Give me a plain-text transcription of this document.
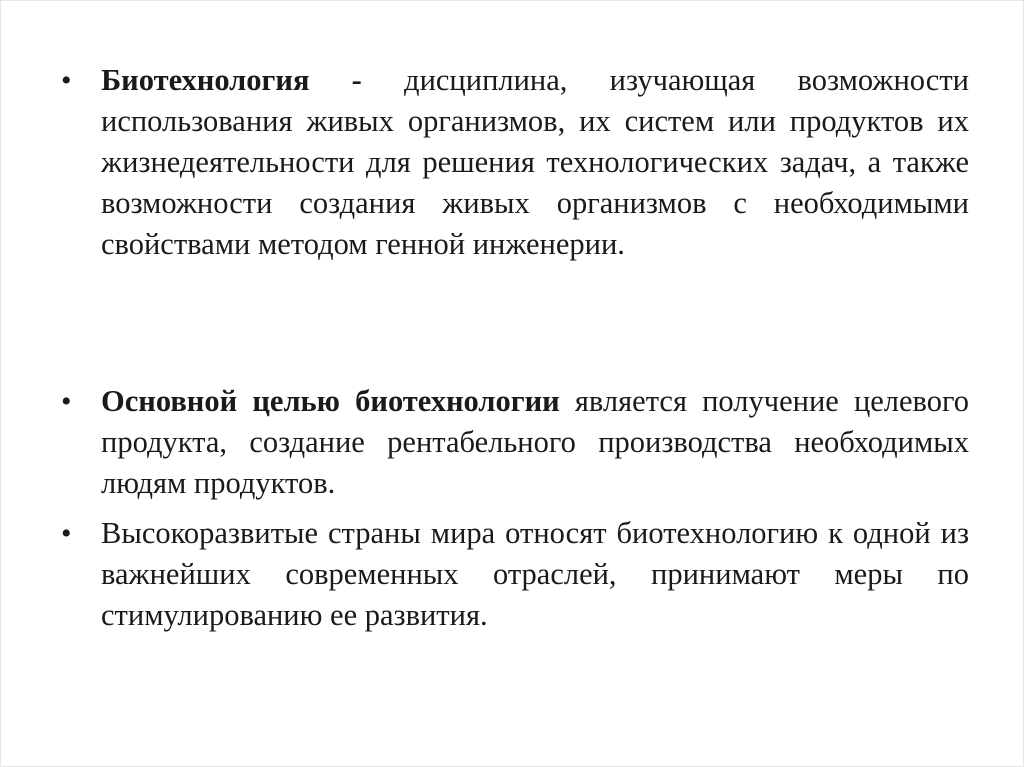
• Биотехнология - дисциплина, изучающая возможности использования живых организмов, их систем или продуктов их жизнедеятельности для решения технологических задач, а также возможности создания живых организмов с необходимыми свойствами методом генной инженерии.
• Основной целью биотехнологии является получение целевого продукта, создание рентабельного производства необходимых людям продуктов.
• Высокоразвитые страны мира относят биотехнологию к одной из важнейших современных отраслей, принимают меры по стимулированию ее развития.
